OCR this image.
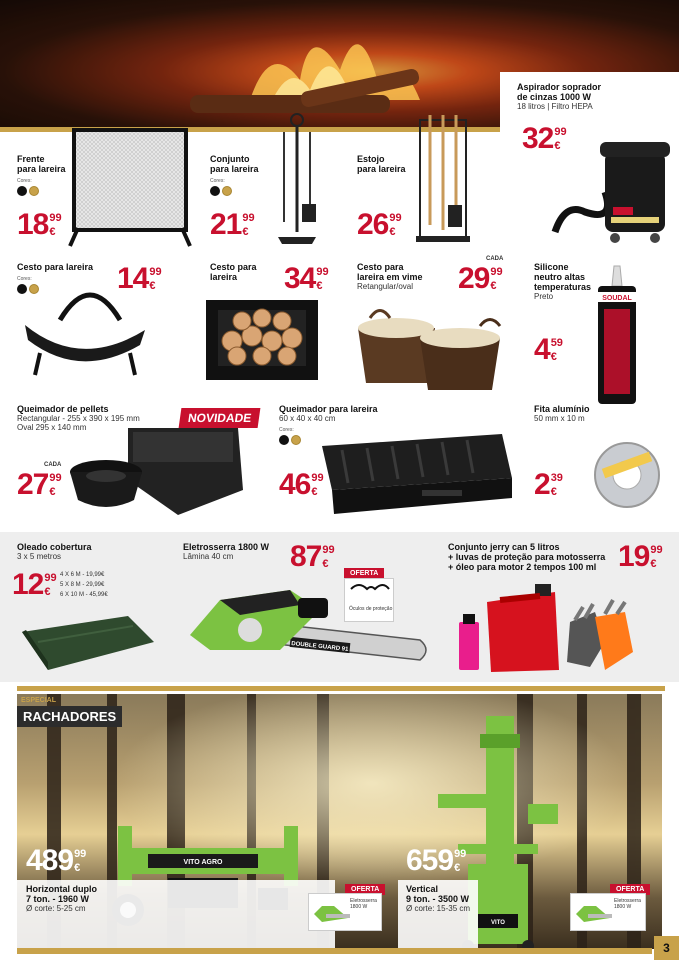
Aspirador soprador
de cinzas 1000 W
18 litros | Filtro HEPA
32 99
€
Frente
para lareira
Cores:
18 99
€
Conjunto
para lareira
Cores:
21 99
€
Estojo
para lareira
26 99
€
Cesto para lareira
Cores:	14 99
€
Cesto para
lareira	34 99
€
Cesto para
lareira em vime
Retangular/oval
CADA
29 99
€
Silicone
neutro altas
temperaturas
Preto
4 59
€
SOUDAL
Queimador de pellets
Rectangular - 255 x 390 x 195 mm
Oval 295 x 140 mm
NOVIDADE
CADA
27 99
€
Queimador para lareira
60 x 40 x 40 cm
Cores:
46 99
€
Fita alumínio
50 mm x 10 m
2 39
€
Oleado cobertura
3 x 5 metros
12 99
€
4 X 6 M - 19,99€
5 X 8 M - 29,99€
6 X 10 M - 45,99€
Eletrosserra 1800 W
Lâmina 40 cm	87 99
€
OFERTA
Óculos de proteção
DOUBLE GUARD 91
Conjunto jerry can 5 litros
+ luvas de proteção para motosserra
+ óleo para motor 2 tempos 100 ml 19 99
€
ESPECIAL
RACHADORES
VITO AGRO
489 99
€
Horizontal duplo
7 ton. - 1960 W
Ø corte: 5-25 cm
OFERTA
Eletrosserra 1800 W
VITO
659 99
€
Vertical
9 ton. - 3500 W
Ø corte: 15-35 cm
OFERTA
Eletrosserra 1800 W
3
